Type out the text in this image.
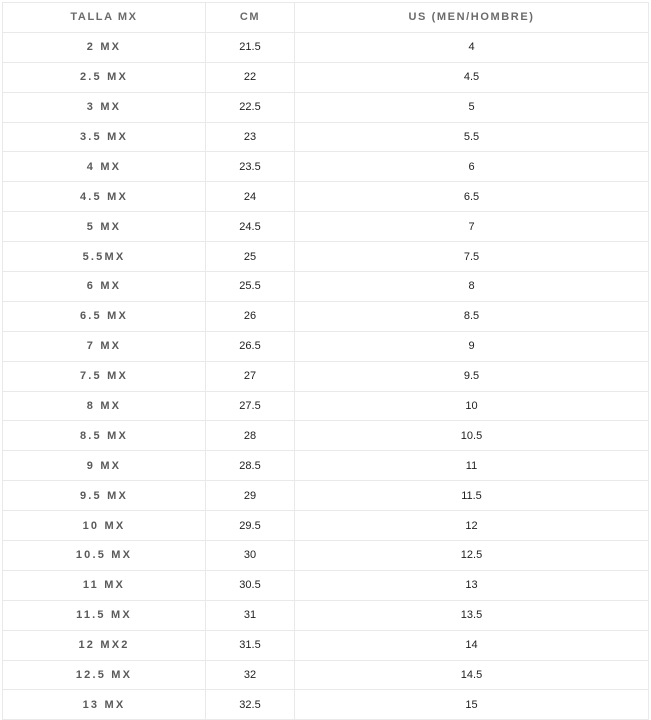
TALLA MX	CM	US (MEN/HOMBRE)
2 MX	21.5	4
2.5 MX	22	4.5
3 MX	22.5	5
3.5 MX	23	5.5
4 MX	23.5	6
4.5 MX	24	6.5
5 MX	24.5	7
5.5MX	25	7.5
6 MX	25.5	8
6.5 MX	26	8.5
7 MX	26.5	9
7.5 MX	27	9.5
8 MX	27.5	10
8.5 MX	28	10.5
9 MX	28.5	11
9.5 MX	29	11.5
10 MX	29.5	12
10.5 MX	30	12.5
11 MX	30.5	13
11.5 MX	31	13.5
12 MX2	31.5	14
12.5 MX	32	14.5
13 MX	32.5	15
